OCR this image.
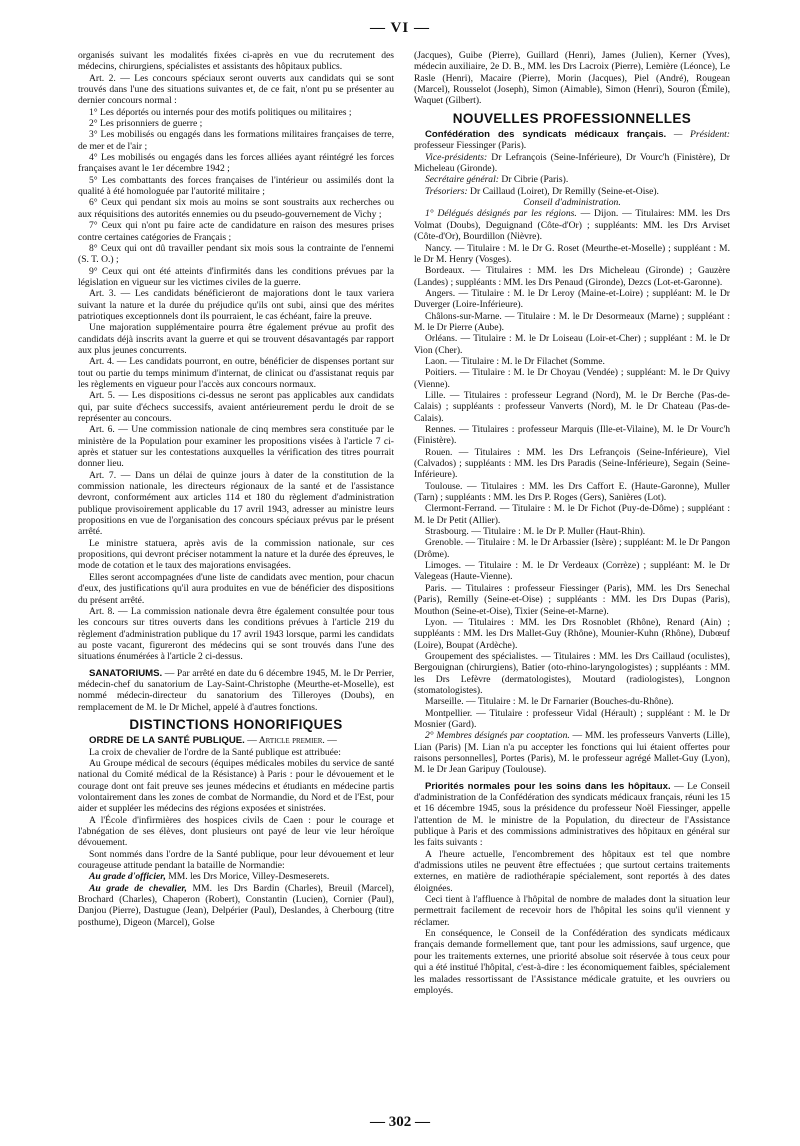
— VI —

organisés suivant les modalités fixées ci-après en vue du recrutement des médecins, chirurgiens, spécialistes et assistants des hôpitaux publics.

Art. 2. — Les concours spéciaux seront ouverts aux candidats qui se sont trouvés dans l'une des situations suivantes et, de ce fait, n'ont pu se présenter au dernier concours normal :

1° Les déportés ou internés pour des motifs politiques ou militaires ;

2° Les prisonniers de guerre ;

3° Les mobilisés ou engagés dans les formations militaires françaises de terre, de mer et de l'air ;

4° Les mobilisés ou engagés dans les forces alliées ayant réintégré les forces françaises avant le 1er décembre 1942 ;

5° Les combattants des forces françaises de l'intérieur ou assimilés dont la qualité à été homologuée par l'autorité militaire ;

6° Ceux qui pendant six mois au moins se sont soustraits aux recherches ou aux réquisitions des autorités ennemies ou du pseudo-gouvernement de Vichy ;

7° Ceux qui n'ont pu faire acte de candidature en raison des mesures prises contre certaines catégories de Français ;

8° Ceux qui ont dû travailler pendant six mois sous la contrainte de l'ennemi (S. T. O.) ;

9° Ceux qui ont été atteints d'infirmités dans les conditions prévues par la législation en vigueur sur les victimes civiles de la guerre.

Art. 3. — Les candidats bénéficieront de majorations dont le taux variera suivant la nature et la durée du préjudice qu'ils ont subi, ainsi que des mérites patriotiques exceptionnels dont ils pourraient, le cas échéant, faire la preuve.

Une majoration supplémentaire pourra être également prévue au profit des candidats déjà inscrits avant la guerre et qui se trouvent désavantagés par rapport aux plus jeunes concurrents.

Art. 4. — Les candidats pourront, en outre, bénéficier de dispenses portant sur tout ou partie du temps minimum d'internat, de clinicat ou d'assistanat requis par les règlements en vigueur pour l'accès aux concours normaux.

Art. 5. — Les dispositions ci-dessus ne seront pas applicables aux candidats qui, par suite d'échecs successifs, avaient antérieurement perdu le droit de se représenter au concours.

Art. 6. — Une commission nationale de cinq membres sera constituée par le ministère de la Population pour examiner les propositions visées à l'article 7 ci-après et statuer sur les contestations auxquelles la vérification des titres pourrait donner lieu.

Art. 7. — Dans un délai de quinze jours à dater de la constitution de la commission nationale, les directeurs régionaux de la santé et de l'assistance devront, conformément aux articles 114 et 180 du règlement d'administration publique provisoirement applicable du 17 avril 1943, adresser au ministre leurs propositions en vue de l'organisation des concours spéciaux prévus par le présent arrêté.

Le ministre statuera, après avis de la commission nationale, sur ces propositions, qui devront préciser notamment la nature et la durée des épreuves, le mode de cotation et le taux des majorations envisagées.

Elles seront accompagnées d'une liste de candidats avec mention, pour chacun d'eux, des justifications qu'il aura produites en vue de bénéficier des dispositions du présent arrêté.

Art. 8. — La commission nationale devra être également consultée pour tous les concours sur titres ouverts dans les conditions prévues à l'article 219 du règlement d'administration publique du 17 avril 1943 lorsque, parmi les candidats au poste vacant, figureront des médecins qui se sont trouvés dans l'une des situations énumérées à l'article 2 ci-dessus.

SANATORIUMS. — Par arrêté en date du 6 décembre 1945, M. le Dr Perrier, médecin-chef du sanatorium de Lay-Saint-Christophe (Meurthe-et-Moselle), est nommé médecin-directeur du sanatorium des Tilleroyes (Doubs), en remplacement de M. le Dr Michel, appelé à d'autres fonctions.

DISTINCTIONS HONORIFIQUES

ORDRE DE LA SANTÉ PUBLIQUE. — Article premier. —

La croix de chevalier de l'ordre de la Santé publique est attribuée:

Au Groupe médical de secours (équipes médicales mobiles du service de santé national du Comité médical de la Résistance) à Paris : pour le dévouement et le courage dont ont fait preuve ses jeunes médecins et étudiants en médecine partis volontairement dans les zones de combat de Normandie, du Nord et de l'Est, pour aider et suppléer les médecins des régions exposées et sinistrées.

A l'École d'infirmières des hospices civils de Caen : pour le courage et l'abnégation de ses élèves, dont plusieurs ont payé de leur vie leur héroïque dévouement.

Sont nommés dans l'ordre de la Santé publique, pour leur dévouement et leur courageuse attitude pendant la bataille de Normandie:

Au grade d'officier, MM. les Drs Morice, Villey-Desmeserets.

Au grade de chevalier, MM. les Drs Bardin (Charles), Breuil (Marcel), Brochard (Charles), Chaperon (Robert), Constantin (Lucien), Cornier (Paul), Danjou (Pierre), Dastugue (Jean), Delpérier (Paul), Deslandes, à Cherbourg (titre posthume), Digeon (Marcel), Golse

(Jacques), Guibe (Pierre), Guillard (Henri), James (Julien), Kerner (Yves), médecin auxiliaire, 2e D. B., MM. les Drs Lacroix (Pierre), Lemière (Léonce), Le Rasle (Henri), Macaire (Pierre), Morin (Jacques), Piel (André), Rougean (Marcel), Rousselot (Joseph), Simon (Aimable), Simon (Henri), Souron (Émile), Waquet (Gilbert).

NOUVELLES PROFESSIONNELLES

Confédération des syndicats médicaux français. — Président: professeur Fiessinger (Paris).

Vice-présidents: Dr Lefrançois (Seine-Inférieure), Dr Vourc'h (Finistère), Dr Micheleau (Gironde).

Secrétaire général: Dr Cibrie (Paris).

Trésoriers: Dr Caillaud (Loiret), Dr Remilly (Seine-et-Oise).

Conseil d'administration.

1° Délégués désignés par les régions. — Dijon. — Titulaires: MM. les Drs Volmat (Doubs), Deguignand (Côte-d'Or) ; suppléants: MM. les Drs Arviset (Côte-d'Or), Bourdillon (Nièvre).

Nancy. — Titulaire : M. le Dr G. Roset (Meurthe-et-Moselle) ; suppléant : M. le Dr M. Henry (Vosges).

Bordeaux. — Titulaires : MM. les Drs Micheleau (Gironde) ; Gauzère (Landes) ; suppléants : MM. les Drs Penaud (Gironde), Dezcs (Lot-et-Garonne).

Angers. — Titulaire : M. le Dr Leroy (Maine-et-Loire) ; suppléant: M. le Dr Duverger (Loire-Inférieure).

Châlons-sur-Marne. — Titulaire : M. le Dr Desormeaux (Marne) ; suppléant : M. le Dr Pierre (Aube).

Orléans. — Titulaire : M. le Dr Loiseau (Loir-et-Cher) ; suppléant : M. le Dr Vion (Cher).

Laon. — Titulaire : M. le Dr Filachet (Somme.

Poitiers. — Titulaire : M. le Dr Choyau (Vendée) ; suppléant: M. le Dr Quivy (Vienne).

Lille. — Titulaires : professeur Legrand (Nord), M. le Dr Berche (Pas-de-Calais) ; suppléants : professeur Vanverts (Nord), M. le Dr Chateau (Pas-de-Calais).

Rennes. — Titulaires : professeur Marquis (Ille-et-Vilaine), M. le Dr Vourc'h (Finistère).

Rouen. — Titulaires : MM. les Drs Lefrançois (Seine-Inférieure), Viel (Calvados) ; suppléants : MM. les Drs Paradis (Seine-Inférieure), Segain (Seine-Inférieure).

Toulouse. — Titulaires : MM. les Drs Caffort E. (Haute-Garonne), Muller (Tarn) ; suppléants : MM. les Drs P. Roges (Gers), Sanières (Lot).

Clermont-Ferrand. — Titulaire : M. le Dr Fichot (Puy-de-Dôme) ; suppléant : M. le Dr Petit (Allier).

Strasbourg. — Titulaire : M. le Dr P. Muller (Haut-Rhin).

Grenoble. — Titulaire : M. le Dr Arbassier (Isère) ; suppléant: M. le Dr Pangon (Drôme).

Limoges. — Titulaire : M. le Dr Verdeaux (Corrèze) ; suppléant: M. le Dr Valegeas (Haute-Vienne).

Paris. — Titulaires : professeur Fiessinger (Paris), MM. les Drs Senechal (Paris), Remilly (Seine-et-Oise) ; suppléants : MM. les Drs Dupas (Paris), Mouthon (Seine-et-Oise), Tixier (Seine-et-Marne).

Lyon. — Titulaires : MM. les Drs Rosnoblet (Rhône), Renard (Ain) ; suppléants : MM. les Drs Mallet-Guy (Rhône), Mounier-Kuhn (Rhône), Dubœuf (Loire), Boupat (Ardèche).

Groupement des spécialistes. — Titulaires : MM. les Drs Caillaud (oculistes), Bergouignan (chirurgiens), Batier (oto-rhino-laryngologistes) ; suppléants : MM. les Drs Lefèvre (dermatologistes), Moutard (radiologistes), Longnon (stomatologistes).

Marseille. — Titulaire : M. le Dr Farnarier (Bouches-du-Rhône).

Montpellier. — Titulaire : professeur Vidal (Hérault) ; suppléant : M. le Dr Mosnier (Gard).

2° Membres désignés par cooptation. — MM. les professeurs Vanverts (Lille), Lian (Paris) [M. Lian n'a pu accepter les fonctions qui lui étaient offertes pour raisons personnelles], Portes (Paris), M. le professeur agrégé Mallet-Guy (Lyon), M. le Dr Jean Garipuy (Toulouse).

Priorités normales pour les soins dans les hôpitaux. — Le Conseil d'administration de la Confédération des syndicats médicaux français, réuni les 15 et 16 décembre 1945, sous la présidence du professeur Noël Fiessinger, appelle l'attention de M. le ministre de la Population, du directeur de l'Assistance publique à Paris et des commissions administratives des hôpitaux en général sur les faits suivants :

A l'heure actuelle, l'encombrement des hôpitaux est tel que nombre d'admissions utiles ne peuvent être effectuées ; que surtout certains traitements externes, en matière de radiothérapie spécialement, sont reportés à des dates éloignées.

Ceci tient à l'affluence à l'hôpital de nombre de malades dont la situation leur permettrait facilement de recevoir hors de l'hôpital les soins qu'il viennent y réclamer.

En conséquence, le Conseil de la Confédération des syndicats médicaux français demande formellement que, tant pour les admissions, sauf urgence, que pour les traitements externes, une priorité absolue soit réservée à tous ceux pour qui a été institué l'hôpital, c'est-à-dire : les économiquement faibles, spécialement les malades ressortissant de l'Assistance médicale gratuite, et les ouvriers ou employés.

— 302 —
